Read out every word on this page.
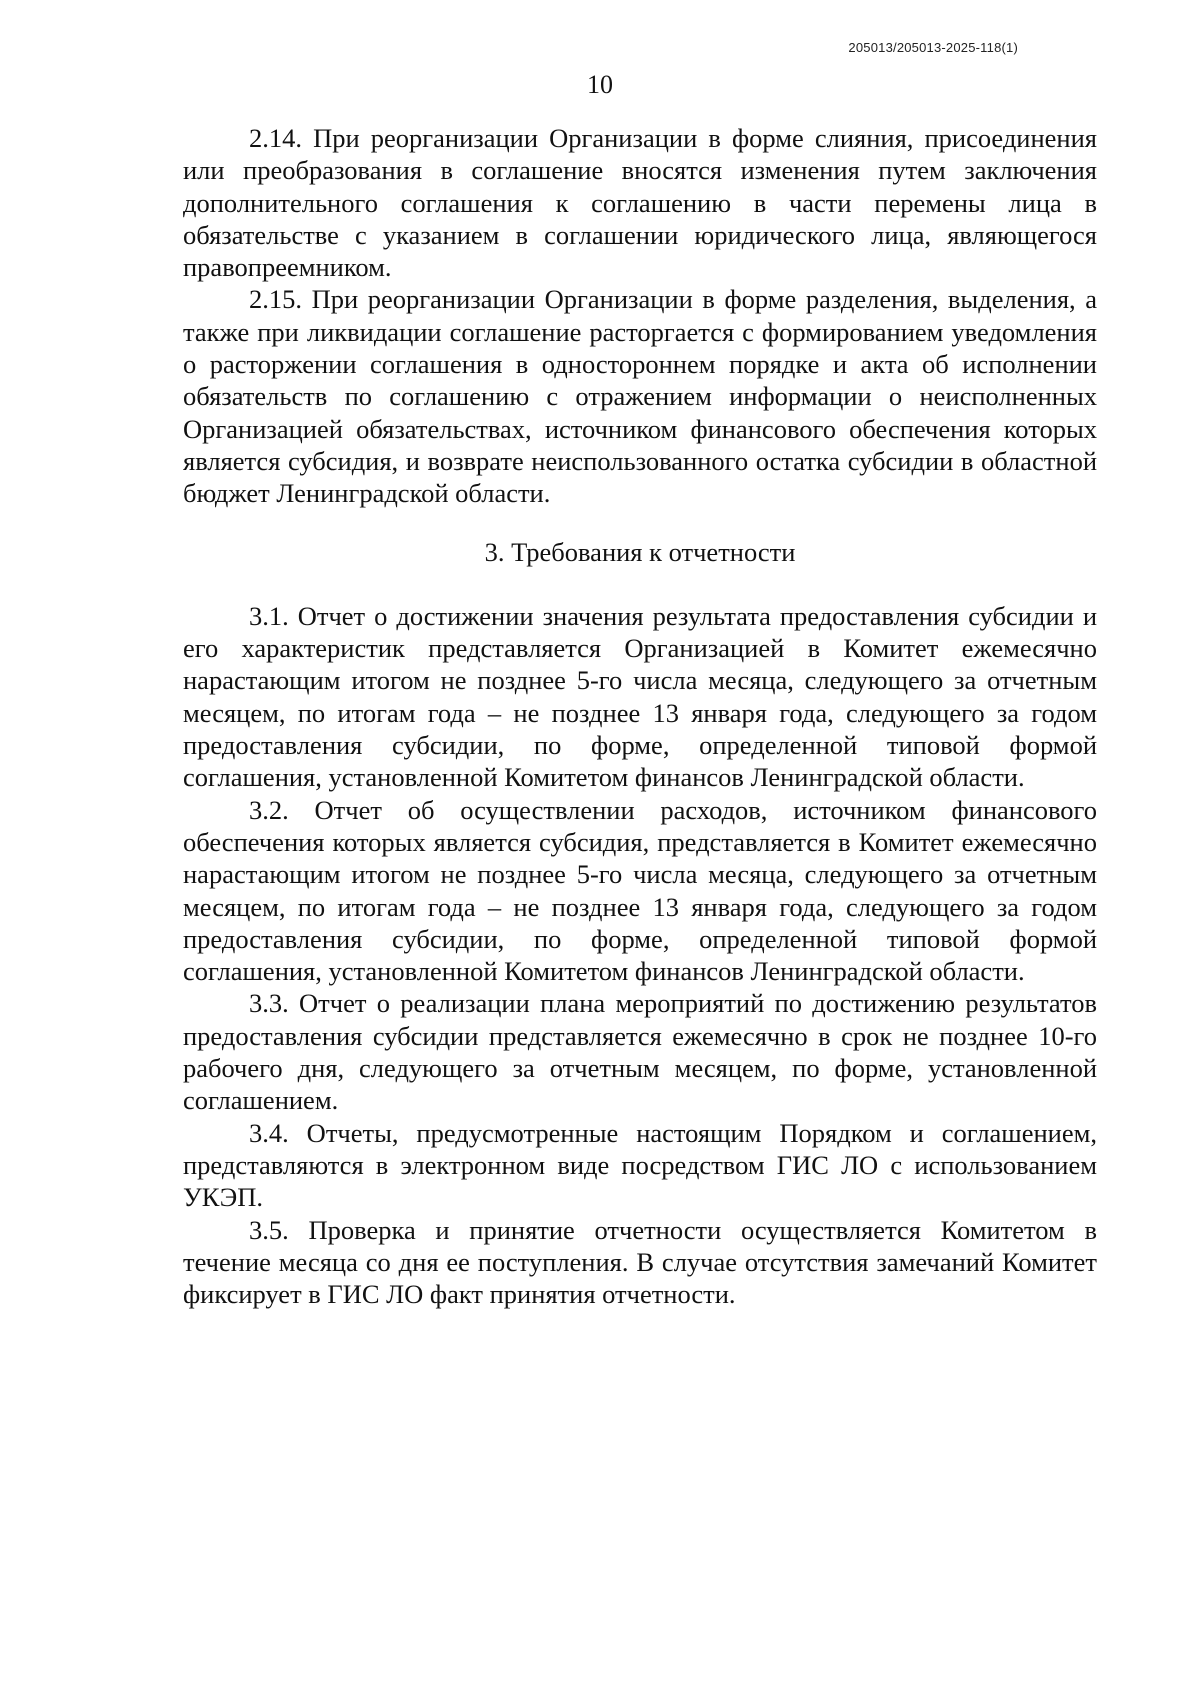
205013/205013-2025-118(1)
10

2.14. При реорганизации Организации в форме слияния, присоединения или преобразования в соглашение вносятся изменения путем заключения дополнительного соглашения к соглашению в части перемены лица в обязательстве с указанием в соглашении юридического лица, являющегося правопреемником.

2.15. При реорганизации Организации в форме разделения, выделения, а также при ликвидации соглашение расторгается с формированием уведомления о расторжении соглашения в одностороннем порядке и акта об исполнении обязательств по соглашению с отражением информации о неисполненных Организацией обязательствах, источником финансового обеспечения которых является субсидия, и возврате неиспользованного остатка субсидии в областной бюджет Ленинградской области.

3. Требования к отчетности

3.1. Отчет о достижении значения результата предоставления субсидии и его характеристик представляется Организацией в Комитет ежемесячно нарастающим итогом не позднее 5-го числа месяца, следующего за отчетным месяцем, по итогам года – не позднее 13 января года, следующего за годом предоставления субсидии, по форме, определенной типовой формой соглашения, установленной Комитетом финансов Ленинградской области.

3.2. Отчет об осуществлении расходов, источником финансового обеспечения которых является субсидия, представляется в Комитет ежемесячно нарастающим итогом не позднее 5-го числа месяца, следующего за отчетным месяцем, по итогам года – не позднее 13 января года, следующего за годом предоставления субсидии, по форме, определенной типовой формой соглашения, установленной Комитетом финансов Ленинградской области.

3.3. Отчет о реализации плана мероприятий по достижению результатов предоставления субсидии представляется ежемесячно в срок не позднее 10-го рабочего дня, следующего за отчетным месяцем, по форме, установленной соглашением.

3.4. Отчеты, предусмотренные настоящим Порядком и соглашением, представляются в электронном виде посредством ГИС ЛО с использованием УКЭП.

3.5. Проверка и принятие отчетности осуществляется Комитетом в течение месяца со дня ее поступления. В случае отсутствия замечаний Комитет фиксирует в ГИС ЛО факт принятия отчетности.
